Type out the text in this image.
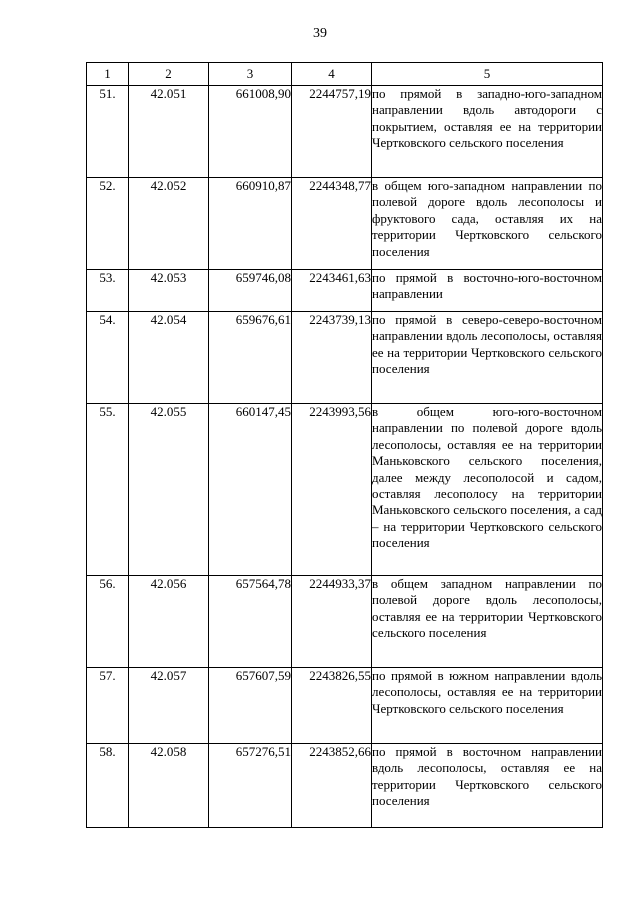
39
1	2	3	4	5
51.	42.051	661008,90	2244757,19	по прямой в западно-юго-западном направлении вдоль автодороги с покрытием, оставляя ее на территории Чертковского сельского поселения
52.	42.052	660910,87	2244348,77	в общем юго-западном направлении по полевой дороге вдоль лесополосы и фруктового сада, оставляя их на территории Чертковского сельского поселения
53.	42.053	659746,08	2243461,63	по прямой в восточно-юго-восточном направлении
54.	42.054	659676,61	2243739,13	по прямой в северо-северо-восточном направлении вдоль лесополосы, оставляя ее на территории Чертковского сельского поселения
55.	42.055	660147,45	2243993,56	в общем юго-юго-восточном направлении по полевой дороге вдоль лесополосы, оставляя ее на территории Маньковского сельского поселения, далее между лесополосой и садом, оставляя лесополосу на территории Маньковского сельского поселения, а сад – на территории Чертковского сельского поселения
56.	42.056	657564,78	2244933,37	в общем западном направлении по полевой дороге вдоль лесополосы, оставляя ее на территории Чертковского сельского поселения
57.	42.057	657607,59	2243826,55	по прямой в южном направлении вдоль лесополосы, оставляя ее на территории Чертковского сельского поселения
58.	42.058	657276,51	2243852,66	по прямой в восточном направлении вдоль лесополосы, оставляя ее на территории Чертковского сельского поселения
